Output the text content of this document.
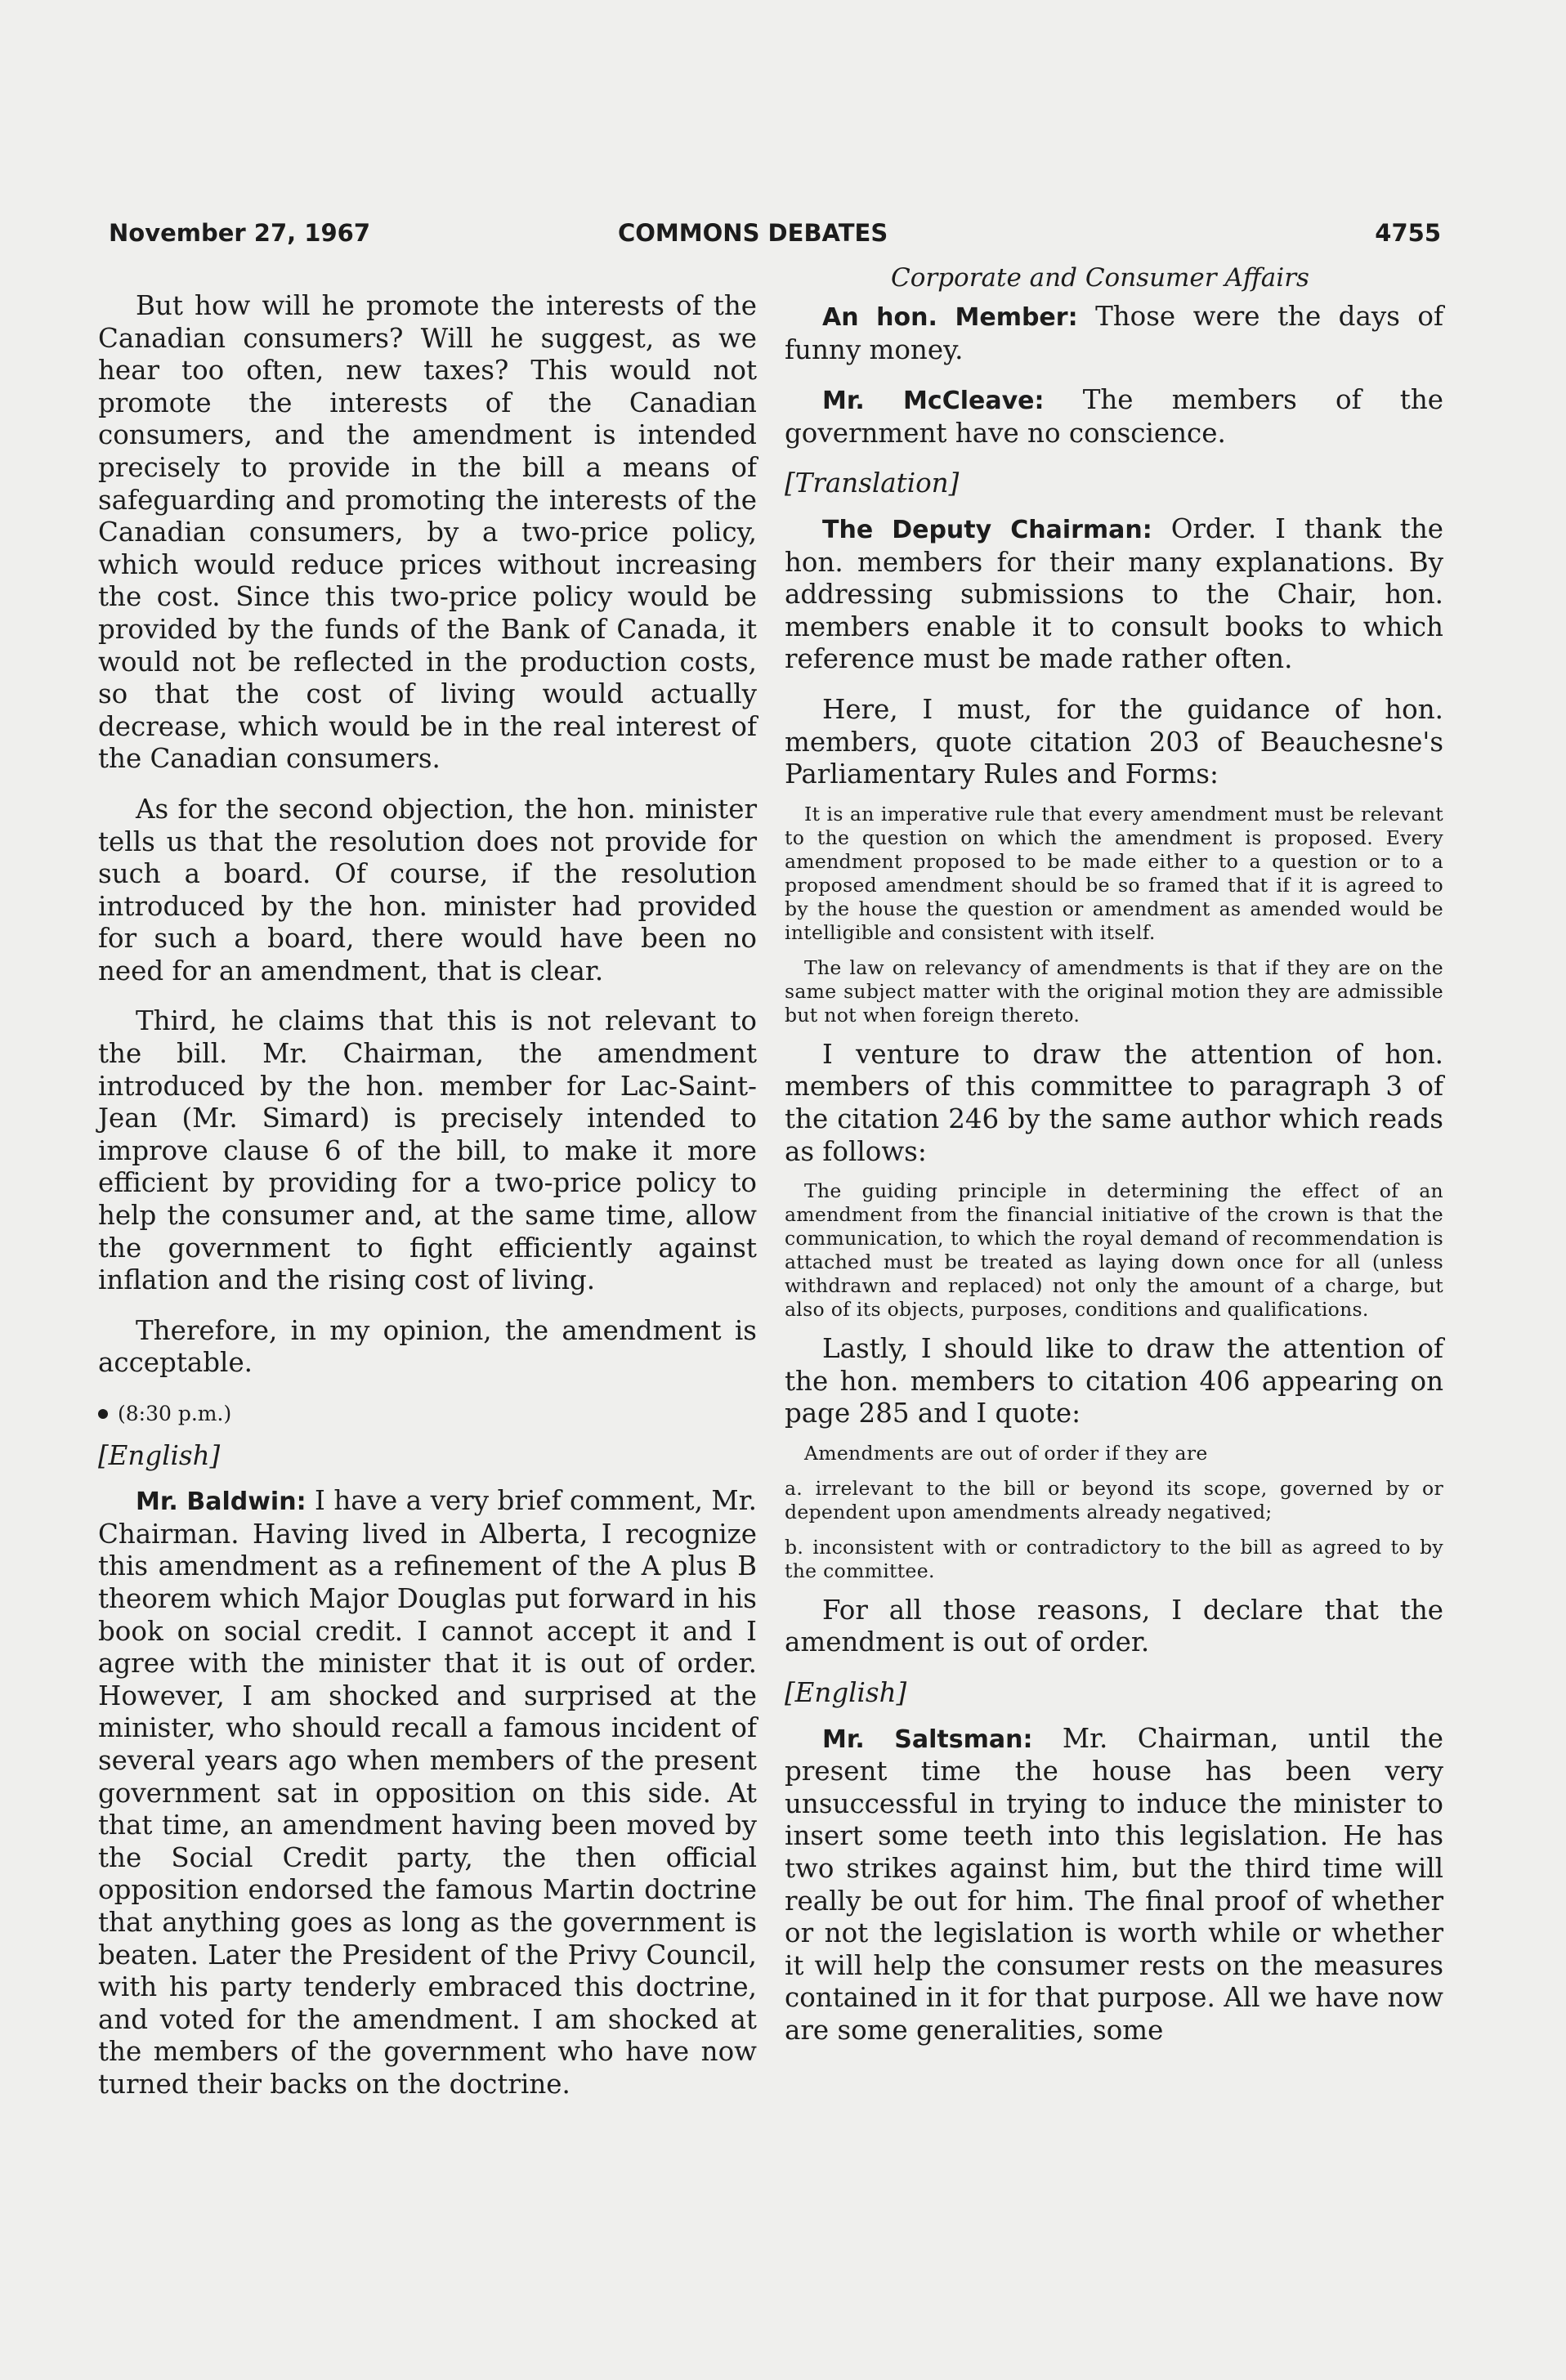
November 27, 1967	COMMONS DEBATES	4755
Corporate and Consumer Affairs

But how will he promote the interests of the Canadian consumers? Will he suggest, as we hear too often, new taxes? This would not promote the interests of the Canadian consumers, and the amendment is intended precisely to provide in the bill a means of safeguarding and promoting the interests of the Canadian consumers, by a two-price policy, which would reduce prices without increasing the cost. Since this two-price policy would be provided by the funds of the Bank of Canada, it would not be reflected in the production costs, so that the cost of living would actually decrease, which would be in the real interest of the Canadian consumers.

As for the second objection, the hon. minister tells us that the resolution does not provide for such a board. Of course, if the resolution introduced by the hon. minister had provided for such a board, there would have been no need for an amendment, that is clear.

Third, he claims that this is not relevant to the bill. Mr. Chairman, the amendment introduced by the hon. member for Lac-Saint-Jean (Mr. Simard) is precisely intended to improve clause 6 of the bill, to make it more efficient by providing for a two-price policy to help the consumer and, at the same time, allow the government to fight efficiently against inflation and the rising cost of living.

Therefore, in my opinion, the amendment is acceptable.

(8:30 p.m.)

[English]

Mr. Baldwin: I have a very brief comment, Mr. Chairman. Having lived in Alberta, I recognize this amendment as a refinement of the A plus B theorem which Major Douglas put forward in his book on social credit. I cannot accept it and I agree with the minister that it is out of order. However, I am shocked and surprised at the minister, who should recall a famous incident of several years ago when members of the present government sat in opposition on this side. At that time, an amendment having been moved by the Social Credit party, the then official opposition endorsed the famous Martin doctrine that anything goes as long as the government is beaten. Later the President of the Privy Council, with his party tenderly embraced this doctrine, and voted for the amendment. I am shocked at the members of the government who have now turned their backs on the doctrine.

An hon. Member: Those were the days of funny money.

Mr. McCleave: The members of the government have no conscience.

[Translation]

The Deputy Chairman: Order. I thank the hon. members for their many explanations. By addressing submissions to the Chair, hon. members enable it to consult books to which reference must be made rather often.

Here, I must, for the guidance of hon. members, quote citation 203 of Beauchesne's Parliamentary Rules and Forms:

It is an imperative rule that every amendment must be relevant to the question on which the amendment is proposed. Every amendment proposed to be made either to a question or to a proposed amendment should be so framed that if it is agreed to by the house the question or amendment as amended would be intelligible and consistent with itself.

The law on relevancy of amendments is that if they are on the same subject matter with the original motion they are admissible but not when foreign thereto.

I venture to draw the attention of hon. members of this committee to paragraph 3 of the citation 246 by the same author which reads as follows:

The guiding principle in determining the effect of an amendment from the financial initiative of the crown is that the communication, to which the royal demand of recommendation is attached must be treated as laying down once for all (unless withdrawn and replaced) not only the amount of a charge, but also of its objects, purposes, conditions and qualifications.

Lastly, I should like to draw the attention of the hon. members to citation 406 appearing on page 285 and I quote:

Amendments are out of order if they are

a. irrelevant to the bill or beyond its scope, governed by or dependent upon amendments already negatived;

b. inconsistent with or contradictory to the bill as agreed to by the committee.

For all those reasons, I declare that the amendment is out of order.

[English]

Mr. Saltsman: Mr. Chairman, until the present time the house has been very unsuccessful in trying to induce the minister to insert some teeth into this legislation. He has two strikes against him, but the third time will really be out for him. The final proof of whether or not the legislation is worth while or whether it will help the consumer rests on the measures contained in it for that purpose. All we have now are some generalities, some
